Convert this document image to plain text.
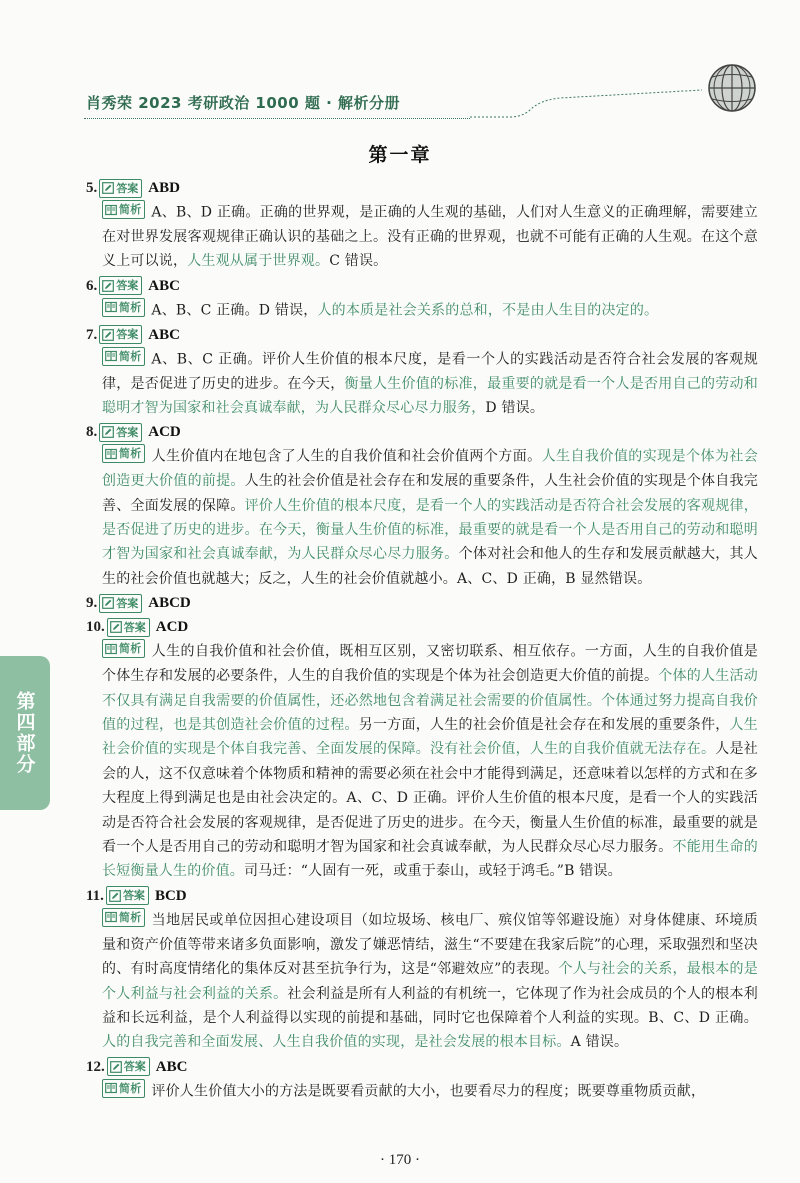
肖秀荣 2023 考研政治 1000 题 · 解析分册
第一章
5. 答案 ABD
简析 A、B、D 正确。正确的世界观，是正确的人生观的基础，人们对人生意义的正确理解，需要建立在对世界发展客观规律正确认识的基础之上。没有正确的世界观，也就不可能有正确的人生观。在这个意义上可以说，人生观从属于世界观。C 错误。
6. 答案 ABC
简析 A、B、C 正确。D 错误，人的本质是社会关系的总和，不是由人生目的决定的。
7. 答案 ABC
简析 A、B、C 正确。评价人生价值的根本尺度，是看一个人的实践活动是否符合社会发展的客观规律，是否促进了历史的进步。在今天，衡量人生价值的标准，最重要的就是看一个人是否用自己的劳动和聪明才智为国家和社会真诚奉献，为人民群众尽心尽力服务，D 错误。
8. 答案 ACD
简析 人生价值内在地包含了人生的自我价值和社会价值两个方面。人生自我价值的实现是个体为社会创造更大价值的前提。人生的社会价值是社会存在和发展的重要条件，人生社会价值的实现是个体自我完善、全面发展的保障。评价人生价值的根本尺度，是看一个人的实践活动是否符合社会发展的客观规律，是否促进了历史的进步。在今天，衡量人生价值的标准，最重要的就是看一个人是否用自己的劳动和聪明才智为国家和社会真诚奉献，为人民群众尽心尽力服务。个体对社会和他人的生存和发展贡献越大，其人生的社会价值也就越大；反之，人生的社会价值就越小。A、C、D 正确，B 显然错误。
9. 答案 ABCD
10. 答案 ACD
简析 人生的自我价值和社会价值，既相互区别，又密切联系、相互依存。一方面，人生的自我价值是个体生存和发展的必要条件，人生的自我价值的实现是个体为社会创造更大价值的前提。个体的人生活动不仅具有满足自我需要的价值属性，还必然地包含着满足社会需要的价值属性。个体通过努力提高自我价值的过程，也是其创造社会价值的过程。另一方面，人生的社会价值是社会存在和发展的重要条件，人生社会价值的实现是个体自我完善、全面发展的保障。没有社会价值，人生的自我价值就无法存在。人是社会的人，这不仅意味着个体物质和精神的需要必须在社会中才能得到满足，还意味着以怎样的方式和在多大程度上得到满足也是由社会决定的。A、C、D 正确。评价人生价值的根本尺度，是看一个人的实践活动是否符合社会发展的客观规律，是否促进了历史的进步。在今天，衡量人生价值的标准，最重要的就是看一个人是否用自己的劳动和聪明才智为国家和社会真诚奉献，为人民群众尽心尽力服务。不能用生命的长短衡量人生的价值。司马迁：“人固有一死，或重于泰山，或轻于鸿毛。”B 错误。
11. 答案 BCD
简析 当地居民或单位因担心建设项目（如垃圾场、核电厂、殡仪馆等邻避设施）对身体健康、环境质量和资产价值等带来诸多负面影响，激发了嫌恶情结，滋生“不要建在我家后院”的心理，采取强烈和坚决的、有时高度情绪化的集体反对甚至抗争行为，这是“邻避效应”的表现。个人与社会的关系，最根本的是个人利益与社会利益的关系。社会利益是所有人利益的有机统一，它体现了作为社会成员的个人的根本利益和长远利益，是个人利益得以实现的前提和基础，同时它也保障着个人利益的实现。B、C、D 正确。人的自我完善和全面发展、人生自我价值的实现，是社会发展的根本目标。A 错误。
12. 答案 ABC
简析 评价人生价值大小的方法是既要看贡献的大小，也要看尽力的程度；既要尊重物质贡献，
第四部分
· 170 ·
